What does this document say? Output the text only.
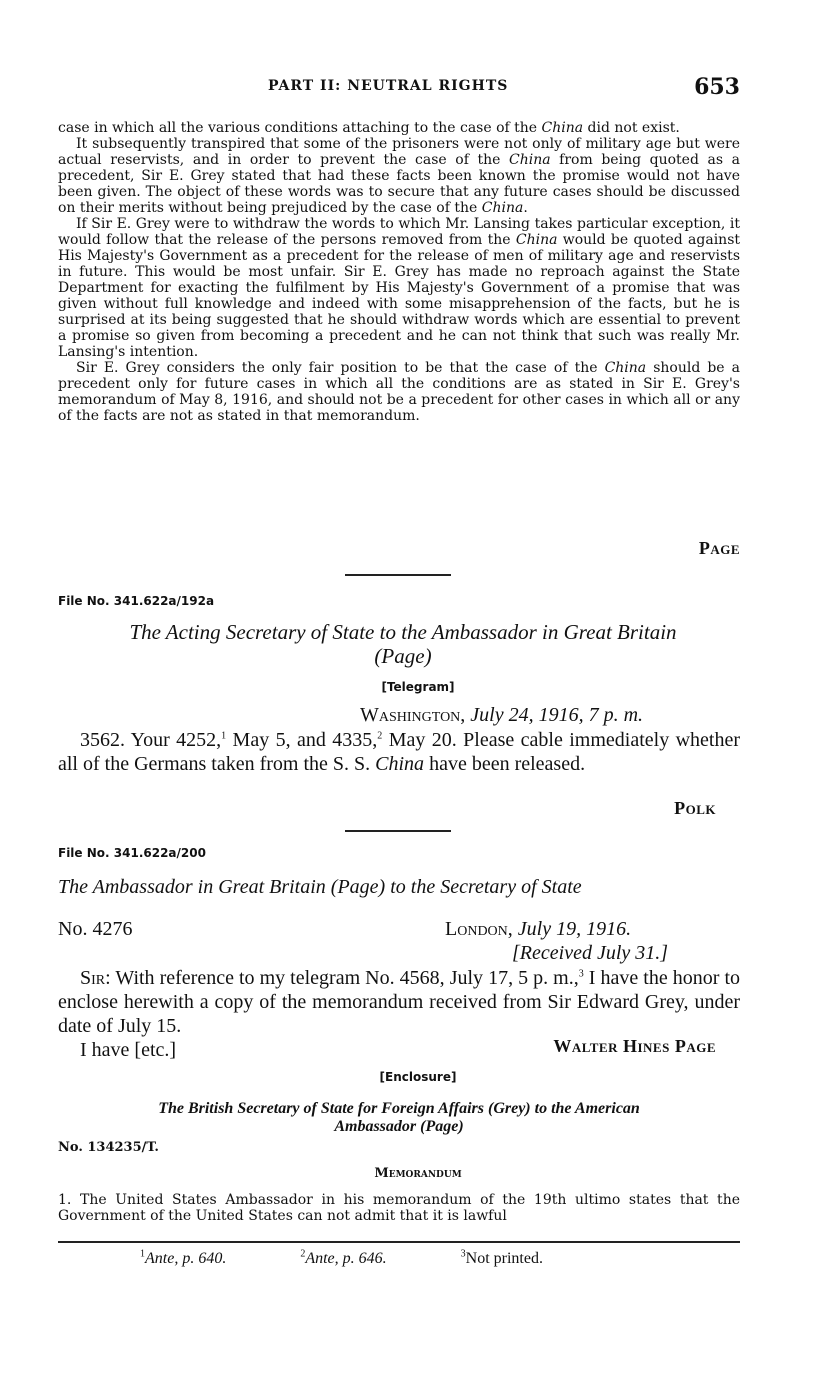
PART II: NEUTRAL RIGHTS	653

case in which all the various conditions attaching to the case of the China did not exist.

It subsequently transpired that some of the prisoners were not only of military age but were actual reservists, and in order to prevent the case of the China from being quoted as a precedent, Sir E. Grey stated that had these facts been known the promise would not have been given. The object of these words was to secure that any future cases should be discussed on their merits without being prejudiced by the case of the China.

If Sir E. Grey were to withdraw the words to which Mr. Lansing takes particular exception, it would follow that the release of the persons removed from the China would be quoted against His Majesty's Government as a precedent for the release of men of military age and reservists in future. This would be most unfair. Sir E. Grey has made no reproach against the State Department for exacting the fulfilment by His Majesty's Government of a promise that was given without full knowledge and indeed with some misapprehension of the facts, but he is surprised at its being suggested that he should withdraw words which are essential to prevent a promise so given from becoming a precedent and he can not think that such was really Mr. Lansing's intention.

Sir E. Grey considers the only fair position to be that the case of the China should be a precedent only for future cases in which all the conditions are as stated in Sir E. Grey's memorandum of May 8, 1916, and should not be a precedent for other cases in which all or any of the facts are not as stated in that memorandum.

Page
File No. 341.622a/192a
The Acting Secretary of State to the Ambassador in Great Britain
(Page)
[Telegram]
Washington, July 24, 1916, 7 p. m.

3562. Your 4252,$^1$ May 5, and 4335,$^2$ May 20. Please cable immediately whether all of the Germans taken from the S. S. China have been released.

Polk
File No. 341.622a/200
The Ambassador in Great Britain (Page) to the Secretary of State
No. 4276	London, July 19, 1916.
[Received July 31.]

Sir: With reference to my telegram No. 4568, July 17, 5 p. m.,$^3$ I have the honor to enclose herewith a copy of the memorandum received from Sir Edward Grey, under date of July 15.

I have [etc.]	Walter Hines Page
[Enclosure]
The British Secretary of State for Foreign Affairs (Grey) to the American
Ambassador (Page)
No. 134235/T.
Memorandum

1. The United States Ambassador in his memorandum of the 19th ultimo states that the Government of the United States can not admit that it is lawful

$^1$Ante, p. 640.	$^2$Ante, p. 646.	$^3$Not printed.
